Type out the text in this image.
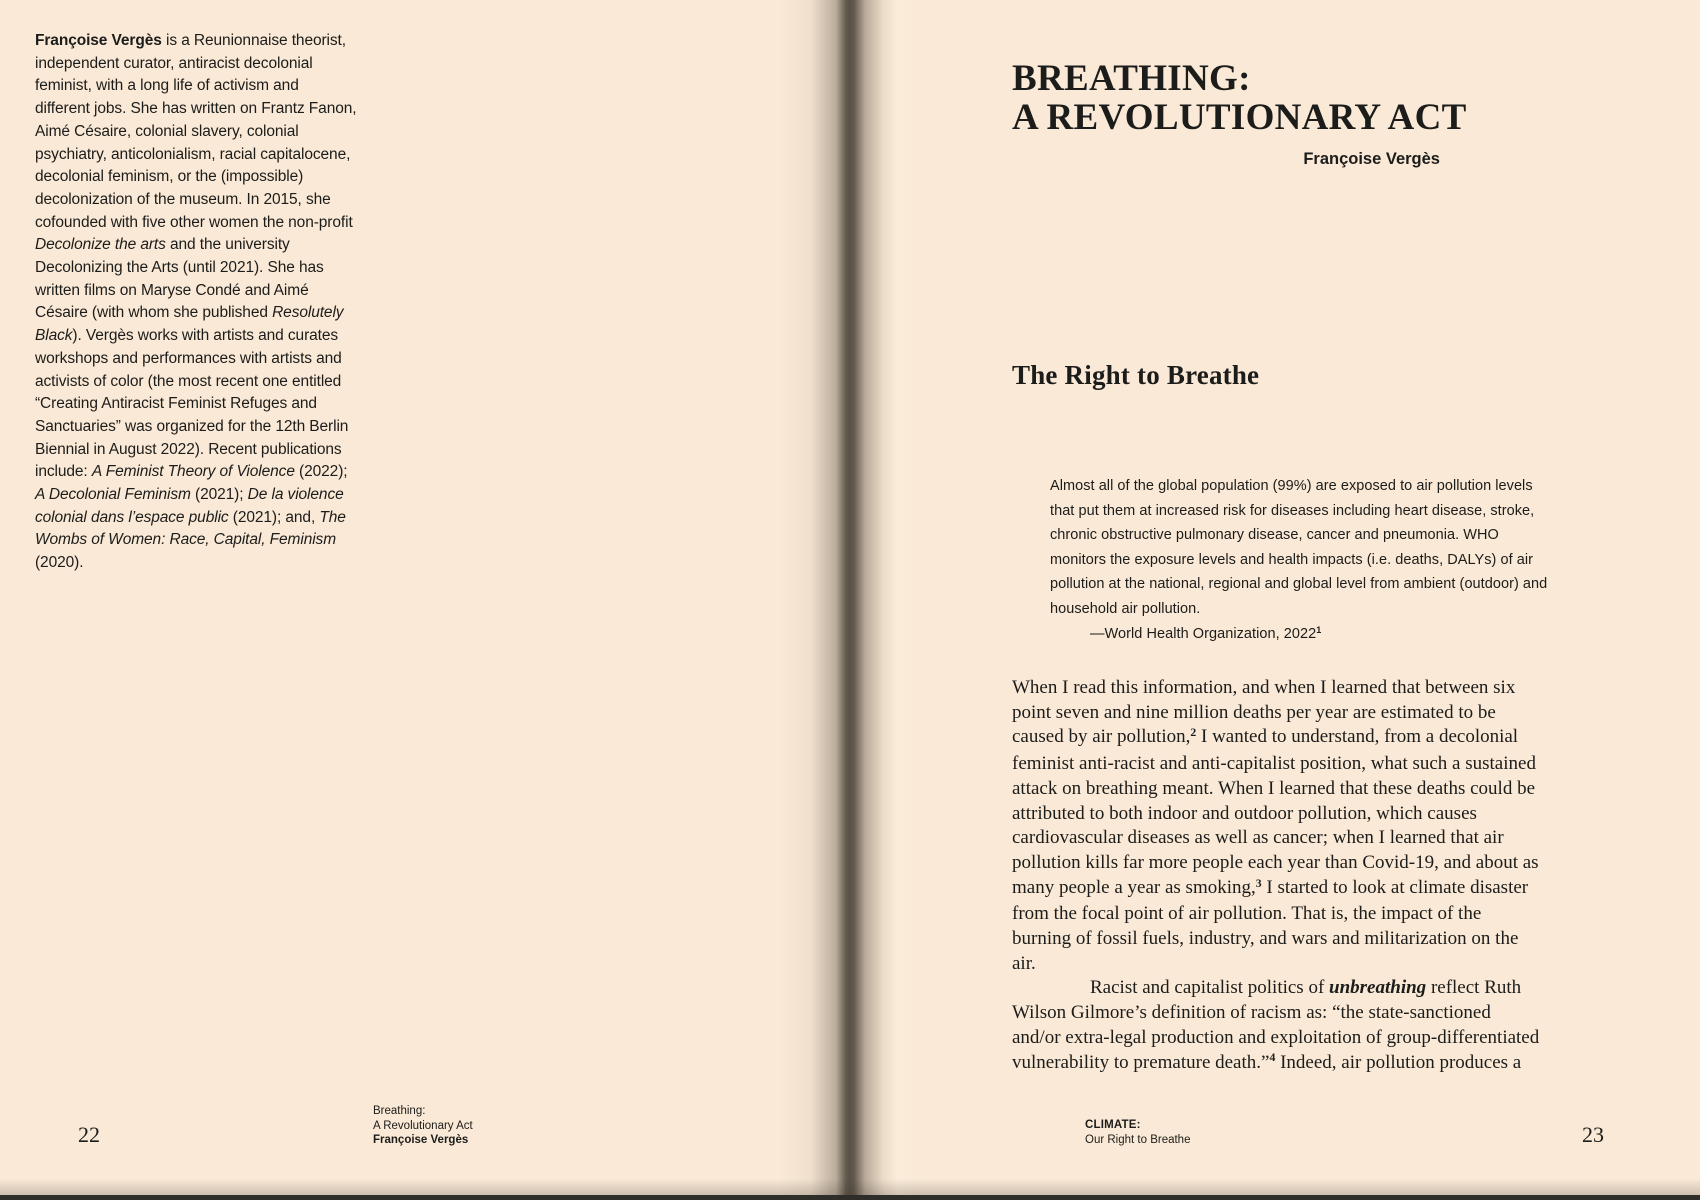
Françoise Vergès is a Reunionnaise theorist, independent curator, antiracist decolonial feminist, with a long life of activism and different jobs. She has written on Frantz Fanon, Aimé Césaire, colonial slavery, colonial psychiatry, anticolonialism, racial capitalocene, decolonial feminism, or the (impossible) decolonization of the museum. In 2015, she cofounded with five other women the non-profit Decolonize the arts and the university Decolonizing the Arts (until 2021). She has written films on Maryse Condé and Aimé Césaire (with whom she published Resolutely Black). Vergès works with artists and curates workshops and performances with artists and activists of color (the most recent one entitled “Creating Antiracist Feminist Refuges and Sanctuaries” was organized for the 12th Berlin Biennial in August 2022). Recent publications include: A Feminist Theory of Violence (2022); A Decolonial Feminism (2021); De la violence colonial dans l’espace public (2021); and, The Wombs of Women: Race, Capital, Feminism (2020).
Breathing:
A Revolutionary Act
Françoise Vergès
22
BREATHING:
A REVOLUTIONARY ACT
Françoise Vergès
The Right to Breathe
Almost all of the global population (99%) are exposed to air pollution levels that put them at increased risk for diseases including heart disease, stroke, chronic obstructive pulmonary disease, cancer and pneumonia. WHO monitors the exposure levels and health impacts (i.e. deaths, DALYs) of air pollution at the national, regional and global level from ambient (outdoor) and household air pollution.
—World Health Organization, 2022$^1$

When I read this information, and when I learned that between six point seven and nine million deaths per year are estimated to be caused by air pollution,$^2$ I wanted to understand, from a decolonial feminist anti-racist and anti-capitalist position, what such a sustained attack on breathing meant. When I learned that these deaths could be attributed to both indoor and outdoor pollution, which causes cardiovascular diseases as well as cancer; when I learned that air pollution kills far more people each year than Covid-19, and about as many people a year as smoking,$^3$ I started to look at climate disaster from the focal point of air pollution. That is, the impact of the burning of fossil fuels, industry, and wars and militarization on the air.

Racist and capitalist politics of unbreathing reflect Ruth Wilson Gilmore’s definition of racism as: “the state-sanctioned and/or extra-legal production and exploitation of group-differentiated vulnerability to premature death.”$^4$ Indeed, air pollution produces a

CLIMATE:
Our Right to Breathe	23
